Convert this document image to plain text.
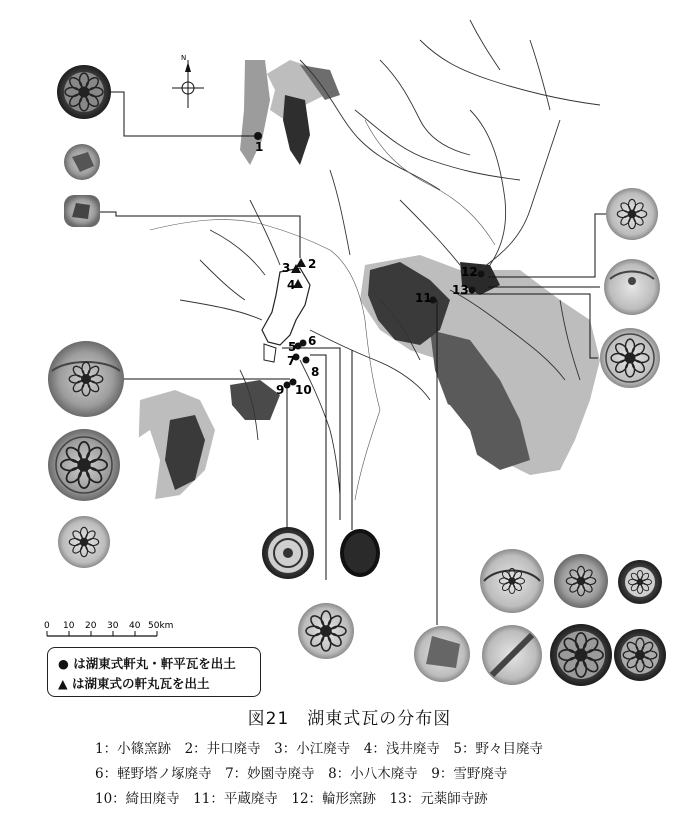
N
1
2
3
4
5 6
7
8
9 10
11
12
13
0 10 20 30 40 50km
● は湖東式軒丸・軒平瓦を出土
▲ は湖東式の軒丸瓦を出土
図21　湖東式瓦の分布図
1：小篠窯跡　2：井口廃寺　3：小江廃寺　4：浅井廃寺　5：野々目廃寺
6：軽野塔ノ塚廃寺　7：妙園寺廃寺　8：小八木廃寺　9：雪野廃寺
10：綺田廃寺　11：平蔵廃寺　12：輪形窯跡　13：元薬師寺跡
